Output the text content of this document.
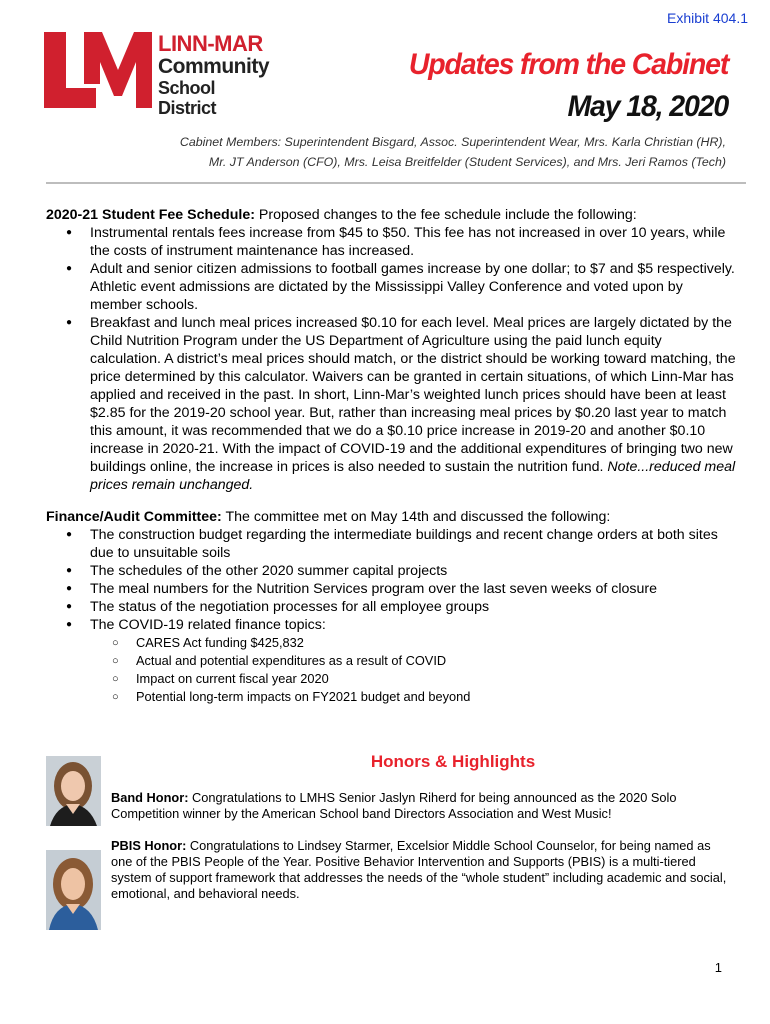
Exhibit 404.1
LINN-MAR
Community
School District
Updates from the Cabinet
May 18, 2020
Cabinet Members: Superintendent Bisgard, Assoc. Superintendent Wear, Mrs. Karla Christian (HR),
Mr. JT Anderson (CFO), Mrs. Leisa Breitfelder (Student Services), and Mrs. Jeri Ramos (Tech)

2020-21 Student Fee Schedule: Proposed changes to the fee schedule include the following:

● Instrumental rentals fees increase from $45 to $50. This fee has not increased in over 10 years, while the costs of instrument maintenance has increased.
● Adult and senior citizen admissions to football games increase by one dollar; to $7 and $5 respectively. Athletic event admissions are dictated by the Mississippi Valley Conference and voted upon by member schools.
● Breakfast and lunch meal prices increased $0.10 for each level. Meal prices are largely dictated by the Child Nutrition Program under the US Department of Agriculture using the paid lunch equity calculation. A district’s meal prices should match, or the district should be working toward matching, the price determined by this calculator. Waivers can be granted in certain situations, of which Linn-Mar has applied and received in the past. In short, Linn-Mar’s weighted lunch prices should have been at least $2.85 for the 2019-20 school year. But, rather than increasing meal prices by $0.20 last year to match this amount, it was recommended that we do a $0.10 price increase in 2019-20 and another $0.10 increase in 2020-21. With the impact of COVID-19 and the additional expenditures of bringing two new buildings online, the increase in prices is also needed to sustain the nutrition fund. Note...reduced meal prices remain unchanged.

Finance/Audit Committee: The committee met on May 14th and discussed the following:

● The construction budget regarding the intermediate buildings and recent change orders at both sites due to unsuitable soils
● The schedules of the other 2020 summer capital projects
● The meal numbers for the Nutrition Services program over the last seven weeks of closure
● The status of the negotiation processes for all employee groups
● The COVID-19 related finance topics:
○ CARES Act funding $425,832
○ Actual and potential expenditures as a result of COVID
○ Impact on current fiscal year 2020
○ Potential long-term impacts on FY2021 budget and beyond
Honors & Highlights
Band Honor: Congratulations to LMHS Senior Jaslyn Riherd for being announced as the 2020 Solo Competition winner by the American School band Directors Association and West Music!
PBIS Honor: Congratulations to Lindsey Starmer, Excelsior Middle School Counselor, for being named as one of the PBIS People of the Year. Positive Behavior Intervention and Supports (PBIS) is a multi-tiered system of support framework that addresses the needs of the “whole student” including academic and social, emotional, and behavioral needs.
1
